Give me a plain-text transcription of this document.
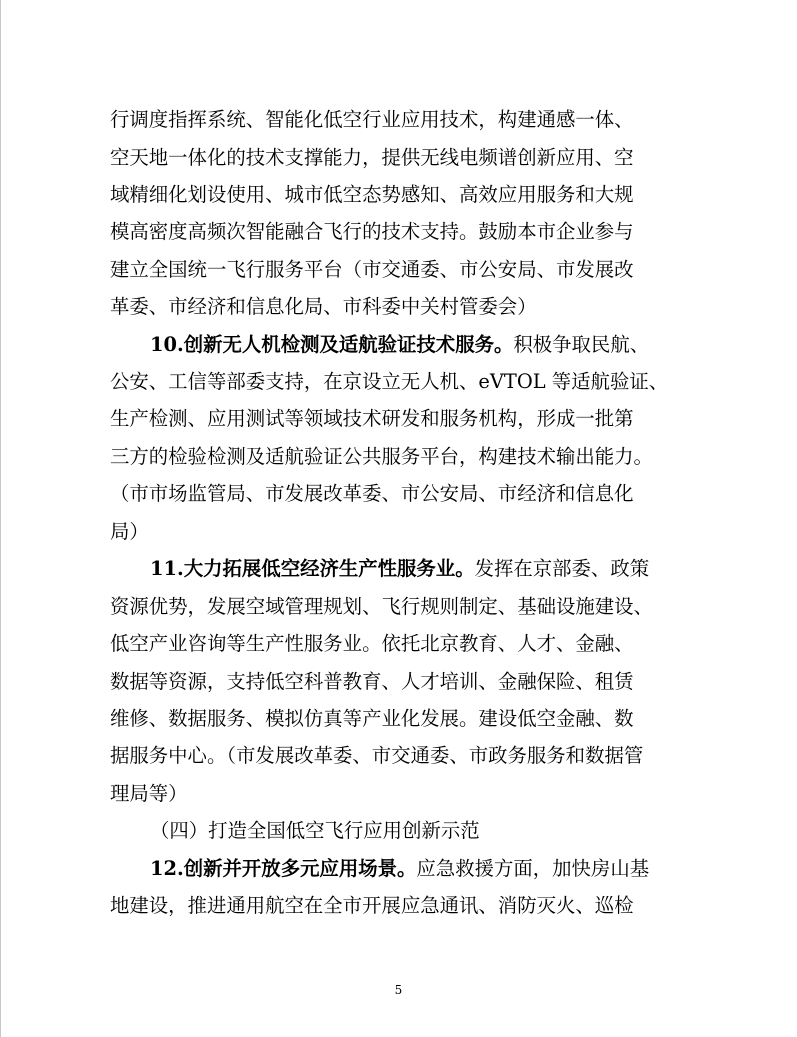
行调度指挥系统、智能化低空行业应用技术，构建通感一体、
空天地一体化的技术支撑能力，提供无线电频谱创新应用、空
域精细化划设使用、城市低空态势感知、高效应用服务和大规
模高密度高频次智能融合飞行的技术支持。鼓励本市企业参与
建立全国统一飞行服务平台（市交通委、市公安局、市发展改
革委、市经济和信息化局、市科委中关村管委会）
10.创新无人机检测及适航验证技术服务。积极争取民航、
公安、工信等部委支持，在京设立无人机、eVTOL 等适航验证、
生产检测、应用测试等领域技术研发和服务机构，形成一批第
三方的检验检测及适航验证公共服务平台，构建技术输出能力。
（市市场监管局、市发展改革委、市公安局、市经济和信息化
局）
11.大力拓展低空经济生产性服务业。发挥在京部委、政策
资源优势，发展空域管理规划、飞行规则制定、基础设施建设、
低空产业咨询等生产性服务业。依托北京教育、人才、金融、
数据等资源，支持低空科普教育、人才培训、金融保险、租赁
维修、数据服务、模拟仿真等产业化发展。建设低空金融、数
据服务中心。（市发展改革委、市交通委、市政务服务和数据管
理局等）
（四）打造全国低空飞行应用创新示范
12.创新并开放多元应用场景。应急救援方面，加快房山基
地建设，推进通用航空在全市开展应急通讯、消防灭火、巡检
5
